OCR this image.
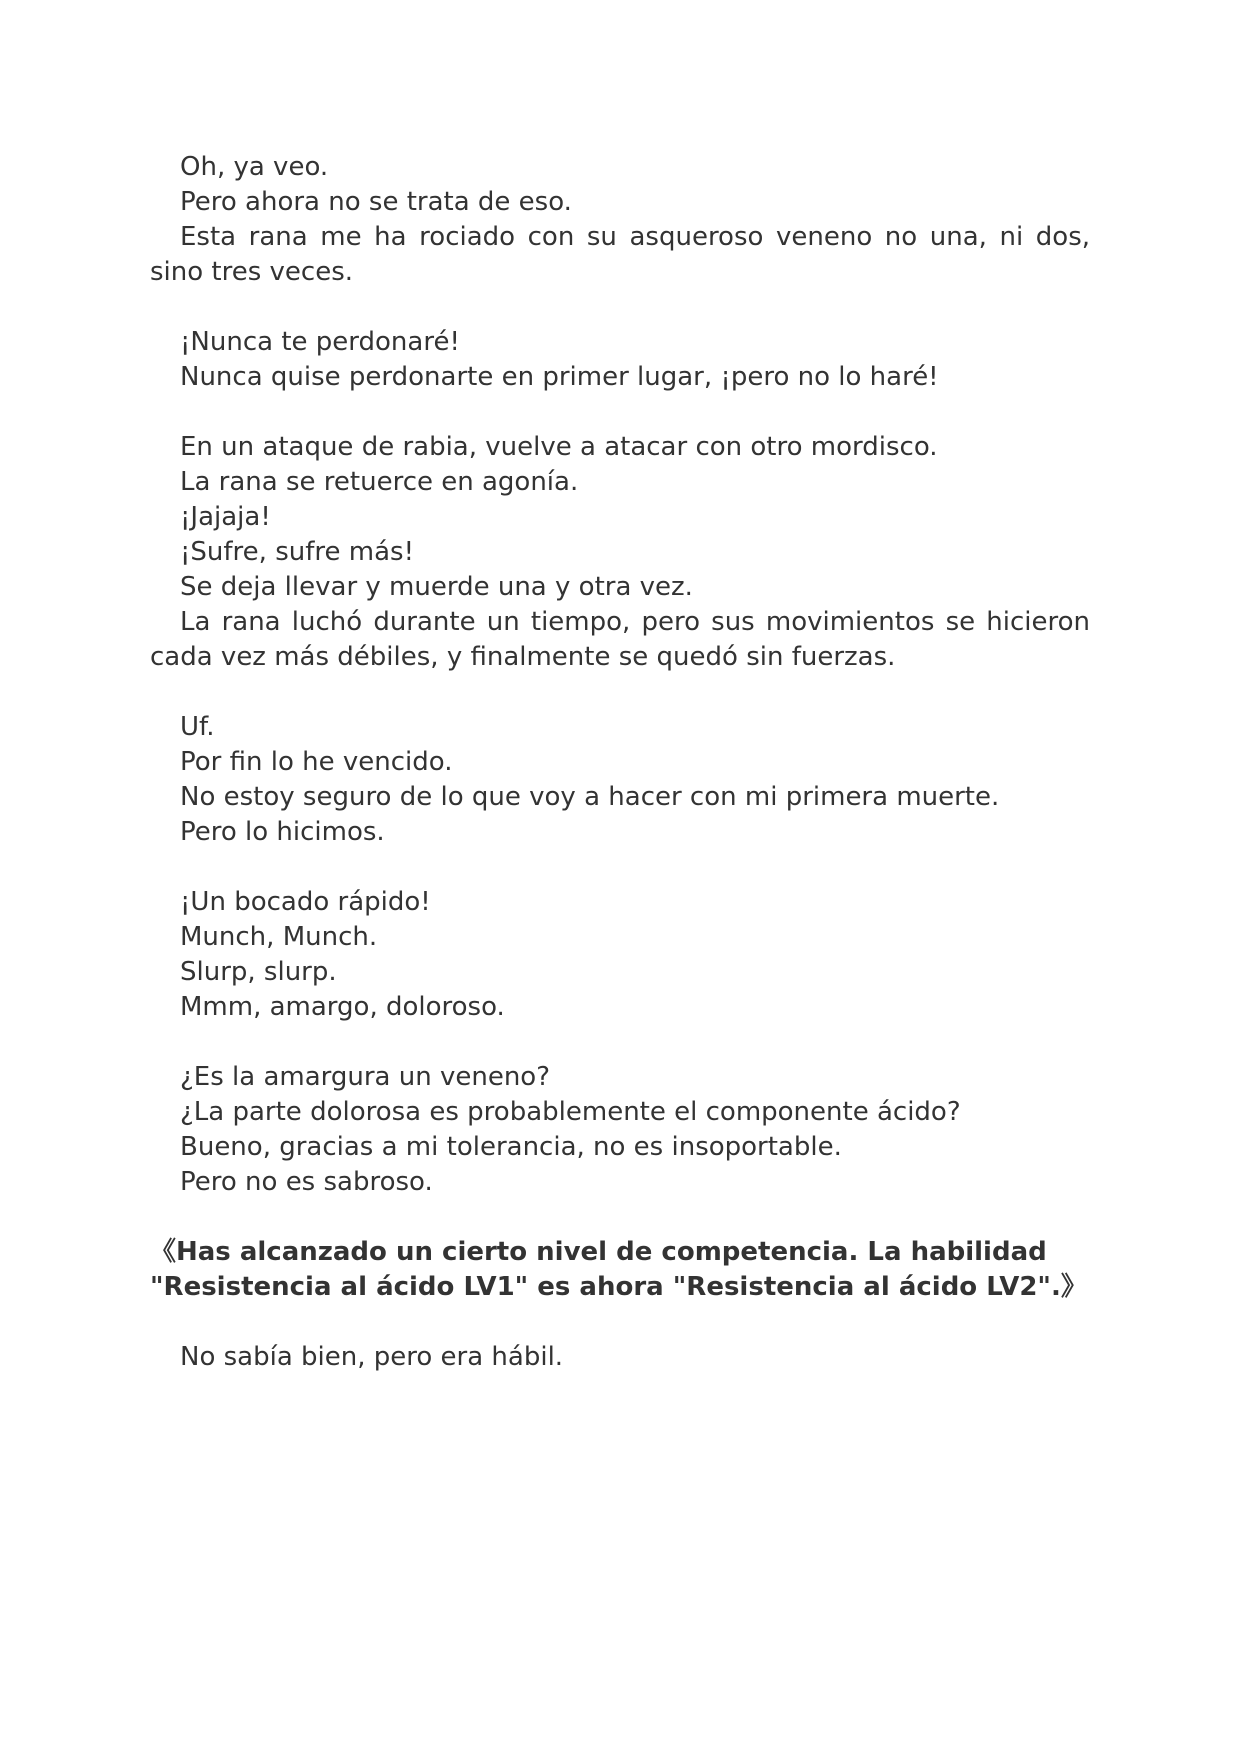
Oh, ya veo.

Pero ahora no se trata de eso.

Esta rana me ha rociado con su asqueroso veneno no una, ni dos, sino tres veces.

¡Nunca te perdonaré!

Nunca quise perdonarte en primer lugar, ¡pero no lo haré!

En un ataque de rabia, vuelve a atacar con otro mordisco.

La rana se retuerce en agonía.

¡Jajaja!

¡Sufre, sufre más!

Se deja llevar y muerde una y otra vez.

La rana luchó durante un tiempo, pero sus movimientos se hicieron cada vez más débiles, y finalmente se quedó sin fuerzas.

Uf.

Por fin lo he vencido.

No estoy seguro de lo que voy a hacer con mi primera muerte.

Pero lo hicimos.

¡Un bocado rápido!

Munch, Munch.

Slurp, slurp.

Mmm, amargo, doloroso.

¿Es la amargura un veneno?

¿La parte dolorosa es probablemente el componente ácido?

Bueno, gracias a mi tolerancia, no es insoportable.

Pero no es sabroso.

《Has alcanzado un cierto nivel de competencia. La habilidad

"Resistencia al ácido LV1" es ahora "Resistencia al ácido LV2".》

No sabía bien, pero era hábil.
